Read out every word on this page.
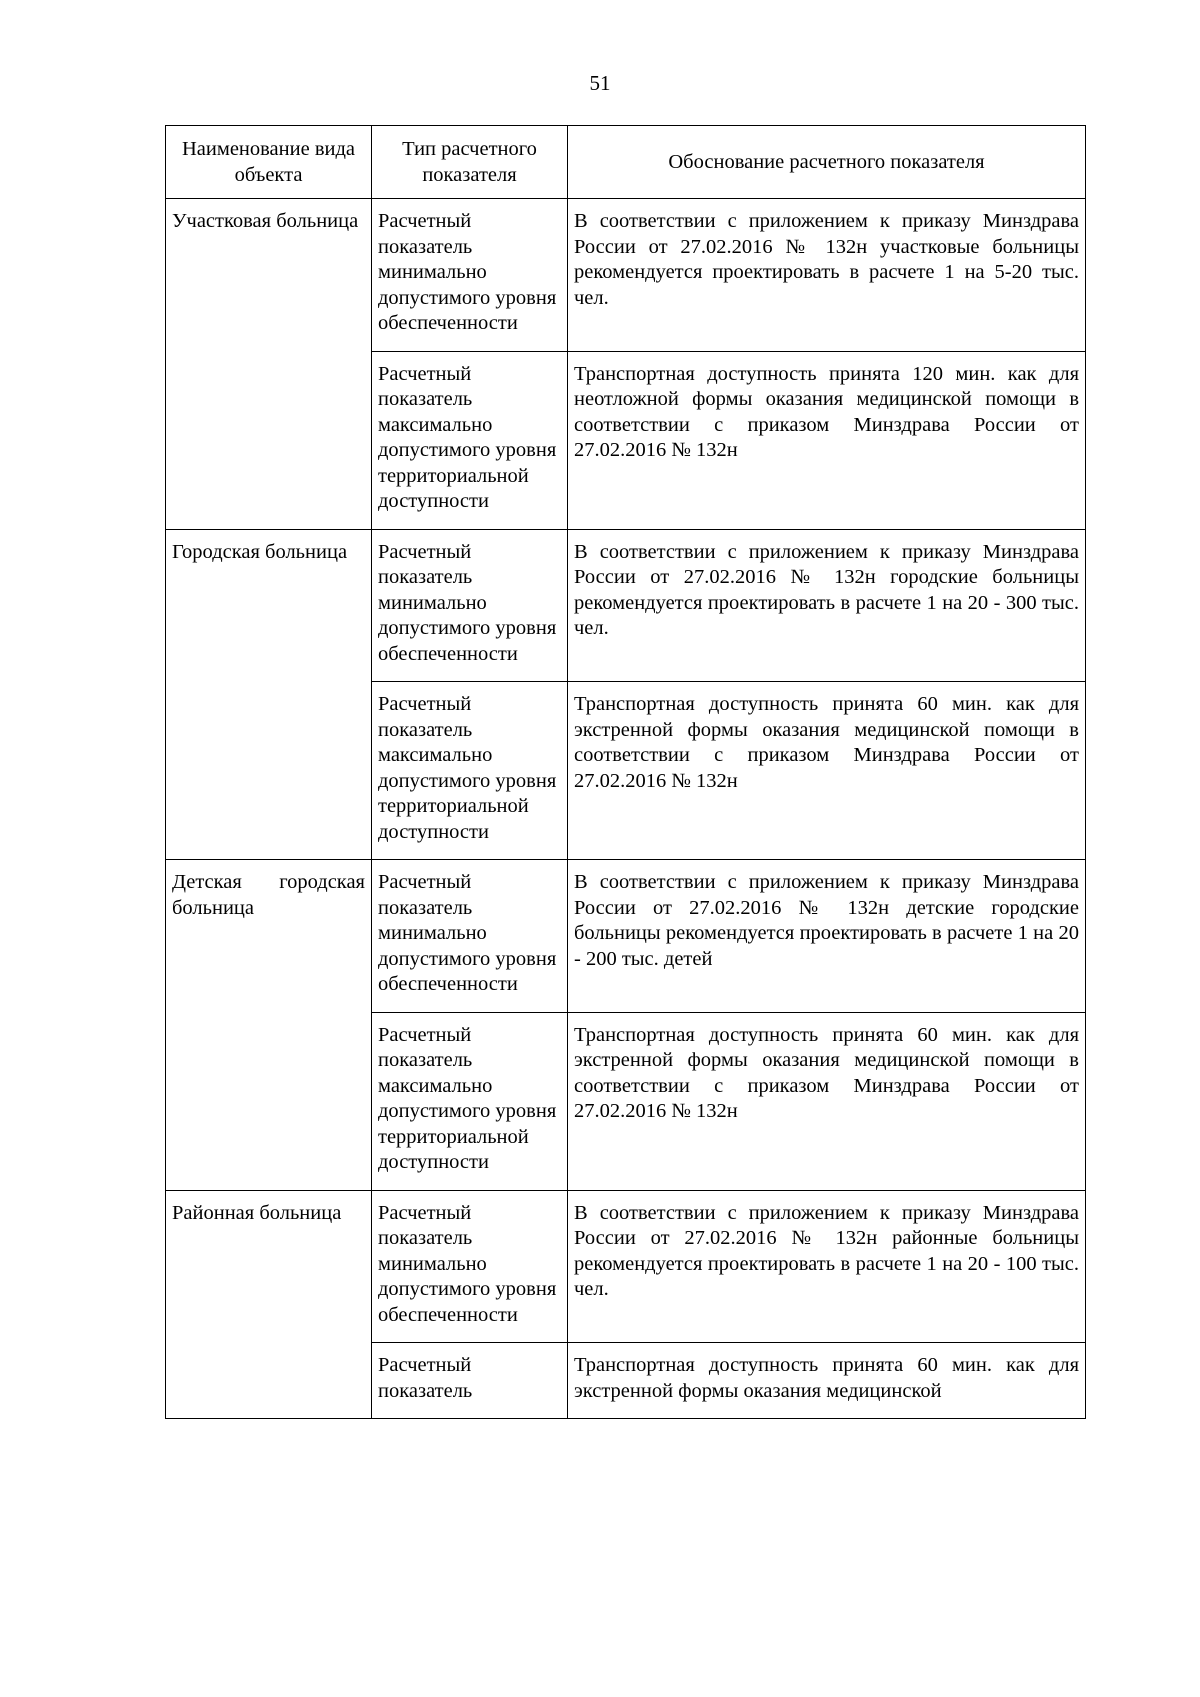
51
Наименование вида объекта	Тип расчетного показателя	Обоснование расчетного показателя
Участковая больница	Расчетный показатель минимально допустимого уровня обеспеченности	В соответствии с приложением к приказу Минздрава России от 27.02.2016 № 132н участковые больницы рекомендуется проектировать в расчете 1 на 5-20 тыс. чел.
	Расчетный показатель максимально допустимого уровня территориальной доступности	Транспортная доступность принята 120 мин. как для неотложной формы оказания медицинской помощи в соответствии с приказом Минздрава России от 27.02.2016 № 132н
Городская больница	Расчетный показатель минимально допустимого уровня обеспеченности	В соответствии с приложением к приказу Минздрава России от 27.02.2016 № 132н городские больницы рекомендуется проектировать в расчете 1 на 20 - 300 тыс. чел.
	Расчетный показатель максимально допустимого уровня территориальной доступности	Транспортная доступность принята 60 мин. как для экстренной формы оказания медицинской помощи в соответствии с приказом Минздрава России от 27.02.2016 № 132н
Детская городская больница	Расчетный показатель минимально допустимого уровня обеспеченности	В соответствии с приложением к приказу Минздрава России от 27.02.2016 № 132н детские городские больницы рекомендуется проектировать в расчете 1 на 20 - 200 тыс. детей
	Расчетный показатель максимально допустимого уровня территориальной доступности	Транспортная доступность принята 60 мин. как для экстренной формы оказания медицинской помощи в соответствии с приказом Минздрава России от 27.02.2016 № 132н
Районная больница	Расчетный показатель минимально допустимого уровня обеспеченности	В соответствии с приложением к приказу Минздрава России от 27.02.2016 № 132н районные больницы рекомендуется проектировать в расчете 1 на 20 - 100 тыс. чел.
	Расчетный показатель	Транспортная доступность принята 60 мин. как для экстренной формы оказания медицинской
